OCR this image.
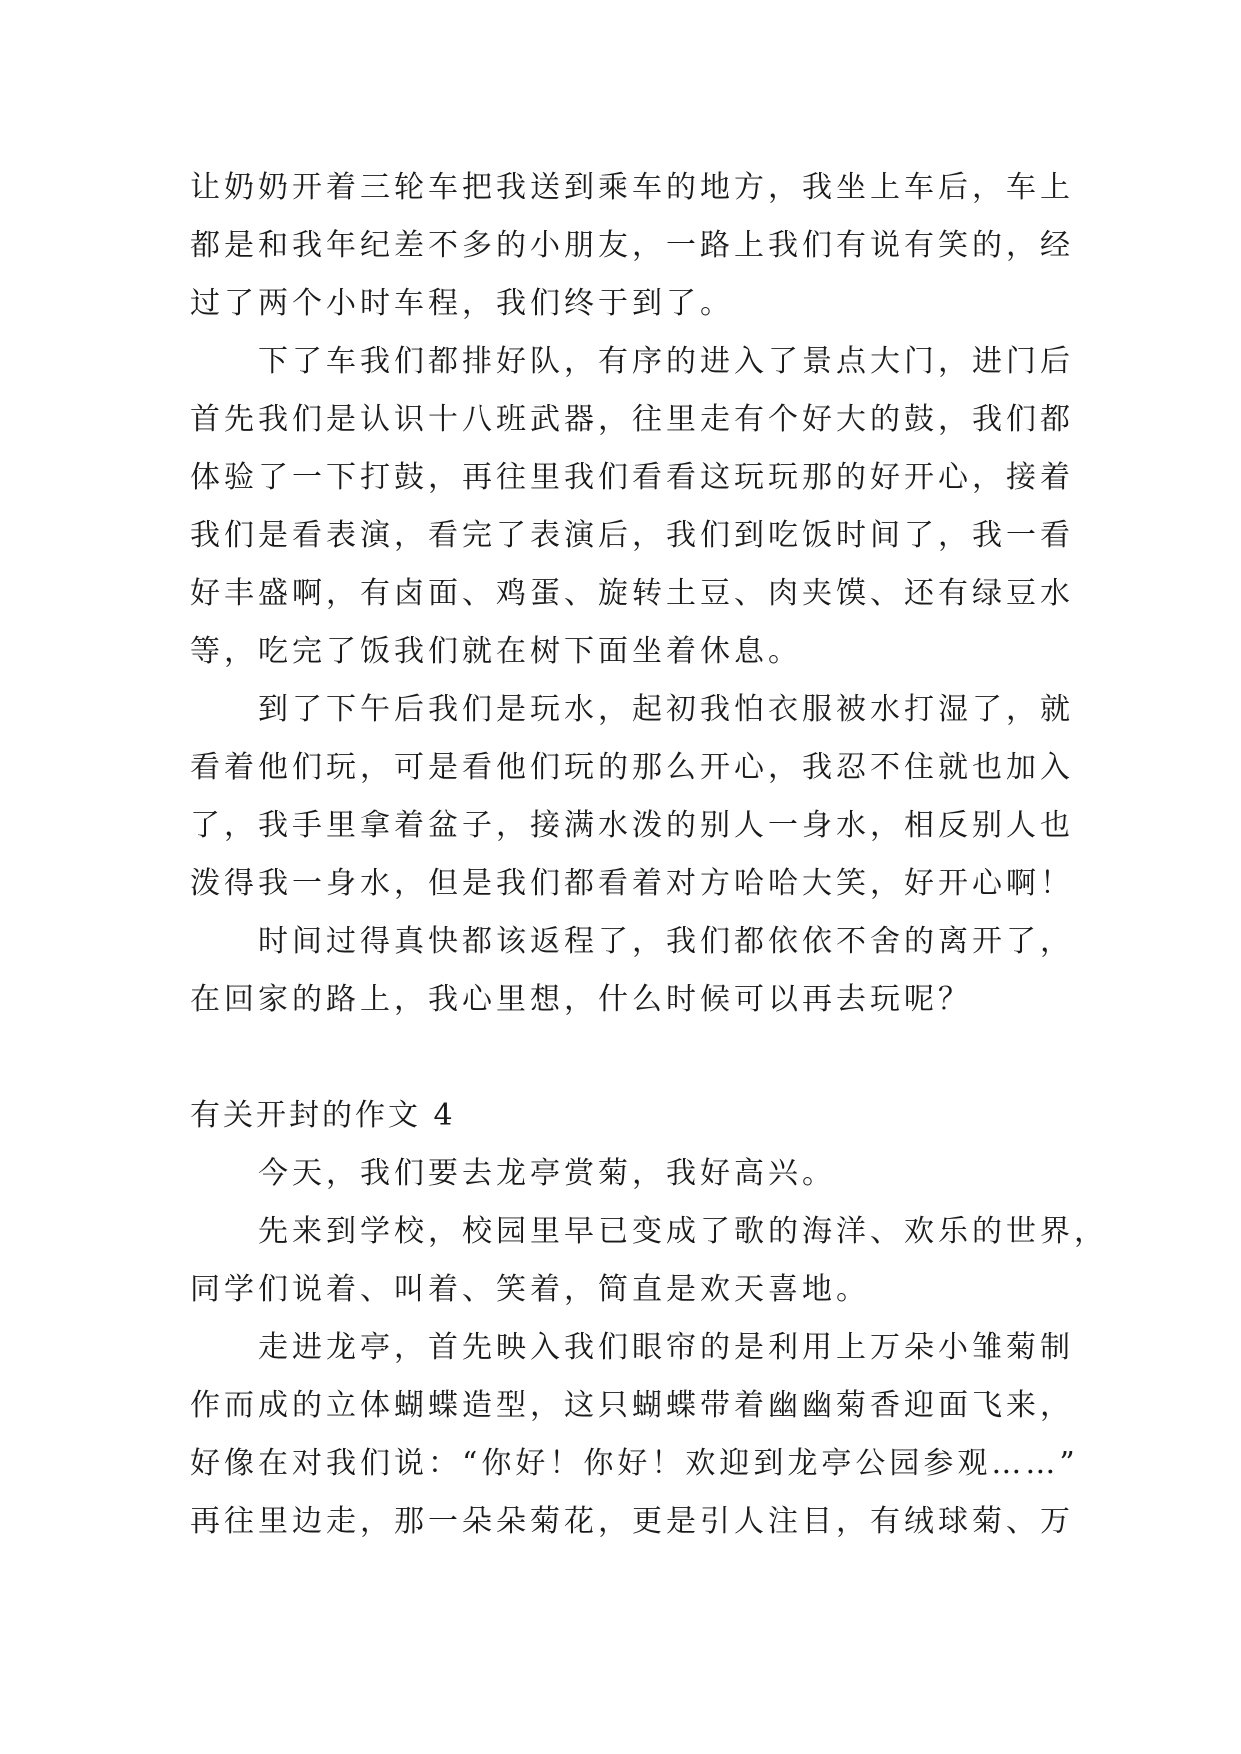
让奶奶开着三轮车把我送到乘车的地方，我坐上车后，车上
都是和我年纪差不多的小朋友，一路上我们有说有笑的，经
过了两个小时车程，我们终于到了。
下了车我们都排好队，有序的进入了景点大门，进门后
首先我们是认识十八班武器，往里走有个好大的鼓，我们都
体验了一下打鼓，再往里我们看看这玩玩那的好开心，接着
我们是看表演，看完了表演后，我们到吃饭时间了，我一看
好丰盛啊，有卤面、鸡蛋、旋转土豆、肉夹馍、还有绿豆水
等，吃完了饭我们就在树下面坐着休息。
到了下午后我们是玩水，起初我怕衣服被水打湿了，就
看着他们玩，可是看他们玩的那么开心，我忍不住就也加入
了，我手里拿着盆子，接满水泼的别人一身水，相反别人也
泼得我一身水，但是我们都看着对方哈哈大笑，好开心啊！
时间过得真快都该返程了，我们都依依不舍的离开了，
在回家的路上，我心里想，什么时候可以再去玩呢？
有关开封的作文 4
今天，我们要去龙亭赏菊，我好高兴。
先来到学校，校园里早已变成了歌的海洋、欢乐的世界，
同学们说着、叫着、笑着，简直是欢天喜地。
走进龙亭，首先映入我们眼帘的是利用上万朵小雏菊制
作而成的立体蝴蝶造型，这只蝴蝶带着幽幽菊香迎面飞来，
好像在对我们说：“你好！你好！欢迎到龙亭公园参观……”
再往里边走，那一朵朵菊花，更是引人注目，有绒球菊、万
